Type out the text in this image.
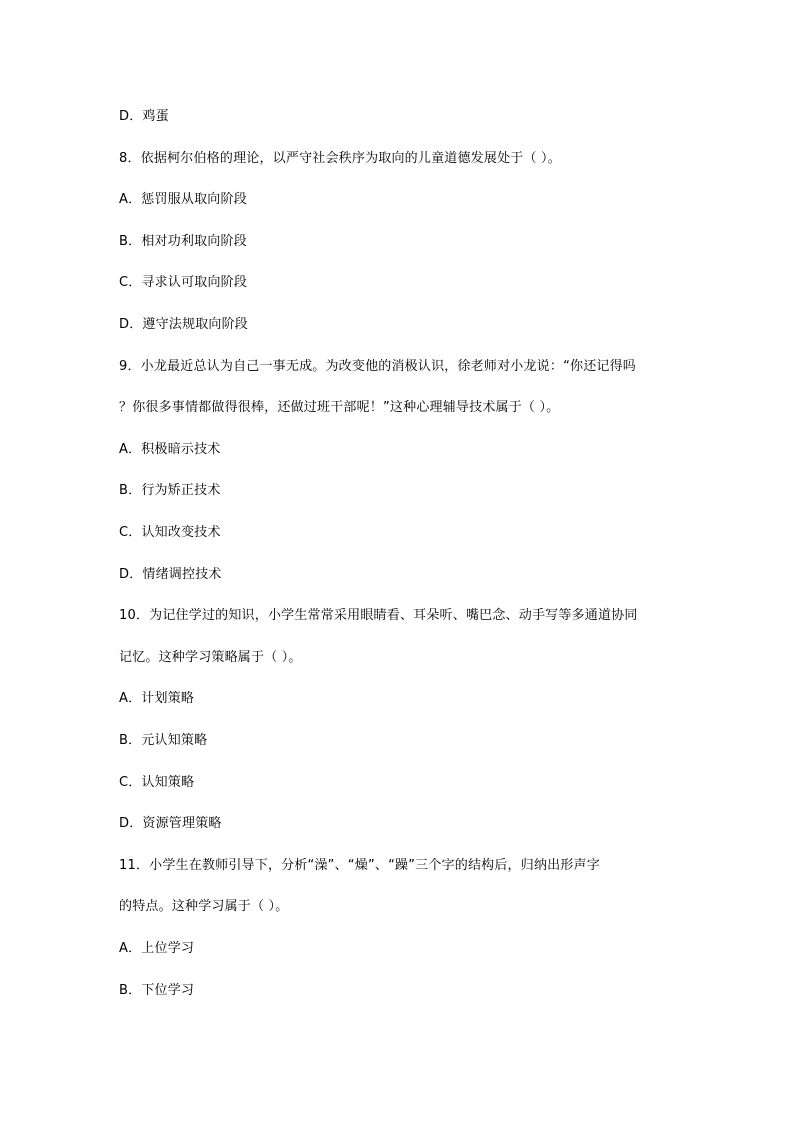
D．鸡蛋
8．依据柯尔伯格的理论，以严守社会秩序为取向的儿童道德发展处于（ ）。
A．惩罚服从取向阶段
B．相对功利取向阶段
C．寻求认可取向阶段
D．遵守法规取向阶段
9．小龙最近总认为自己一事无成。为改变他的消极认识，徐老师对小龙说：“你还记得吗
？你很多事情都做得很棒，还做过班干部呢！”这种心理辅导技术属于（ ）。
A．积极暗示技术
B．行为矫正技术
C．认知改变技术
D．情绪调控技术
10．为记住学过的知识，小学生常常采用眼睛看、耳朵听、嘴巴念、动手写等多通道协同
记忆。这种学习策略属于（ ）。
A．计划策略
B．元认知策略
C．认知策略
D．资源管理策略
11．小学生在教师引导下，分析“澡”、“燥”、“躁”三个字的结构后，归纳出形声字
的特点。这种学习属于（ ）。
A．上位学习
B．下位学习
